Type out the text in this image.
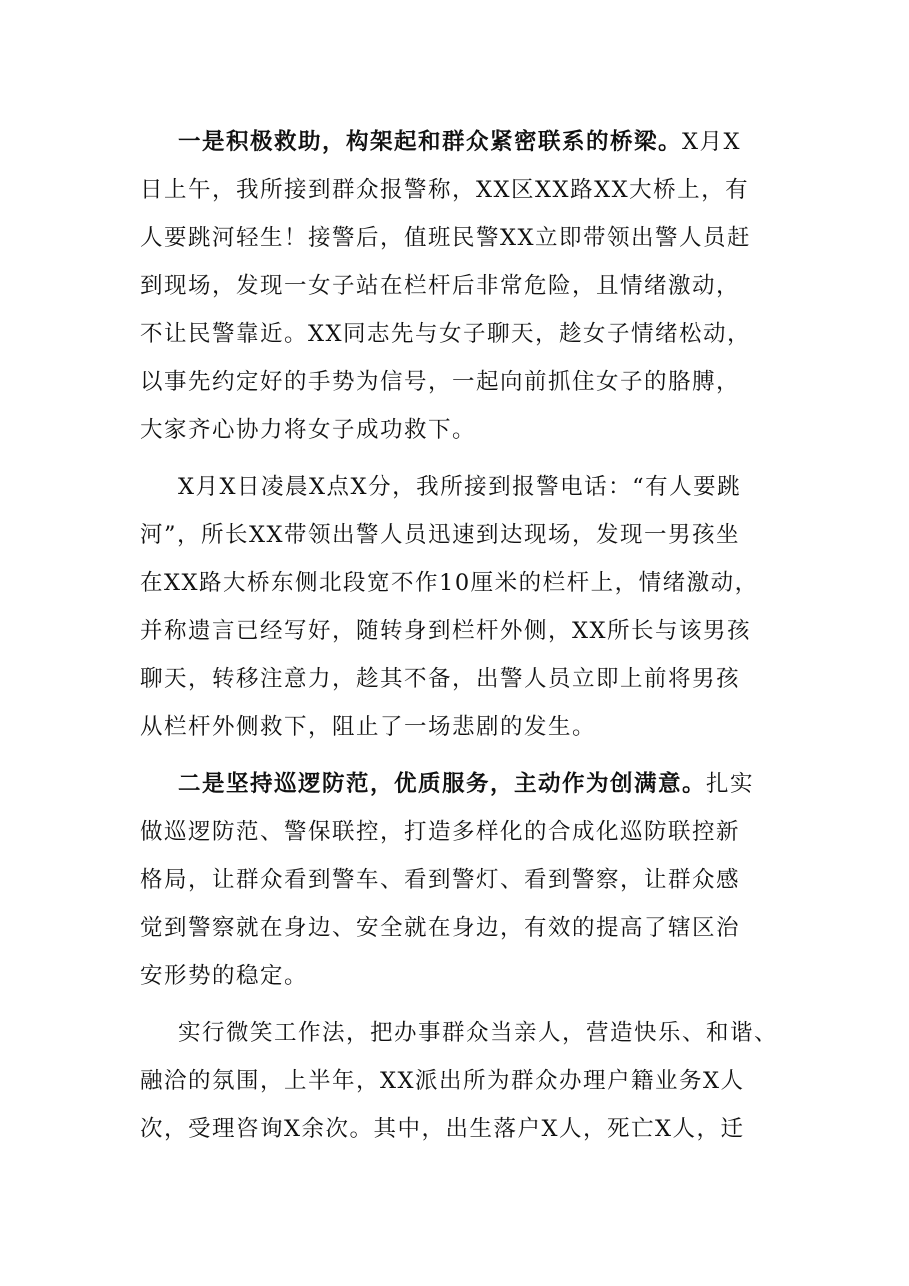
一是积极救助，构架起和群众紧密联系的桥梁。X月X
日上午，我所接到群众报警称，XX区XX路XX大桥上，有
人要跳河轻生！接警后，值班民警XX立即带领出警人员赶
到现场，发现一女子站在栏杆后非常危险，且情绪激动，
不让民警靠近。XX同志先与女子聊天，趁女子情绪松动，
以事先约定好的手势为信号，一起向前抓住女子的胳膊，
大家齐心协力将女子成功救下。
X月X日凌晨X点X分，我所接到报警电话：“有人要跳
河”，所长XX带领出警人员迅速到达现场，发现一男孩坐
在XX路大桥东侧北段宽不作10厘米的栏杆上，情绪激动，
并称遗言已经写好，随转身到栏杆外侧，XX所长与该男孩
聊天，转移注意力，趁其不备，出警人员立即上前将男孩
从栏杆外侧救下，阻止了一场悲剧的发生。
二是坚持巡逻防范，优质服务，主动作为创满意。扎实
做巡逻防范、警保联控，打造多样化的合成化巡防联控新
格局，让群众看到警车、看到警灯、看到警察，让群众感
觉到警察就在身边、安全就在身边，有效的提高了辖区治
安形势的稳定。
实行微笑工作法，把办事群众当亲人，营造快乐、和谐、
融洽的氛围，上半年，XX派出所为群众办理户籍业务X人
次，受理咨询X余次。其中，出生落户X人，死亡X人，迁
